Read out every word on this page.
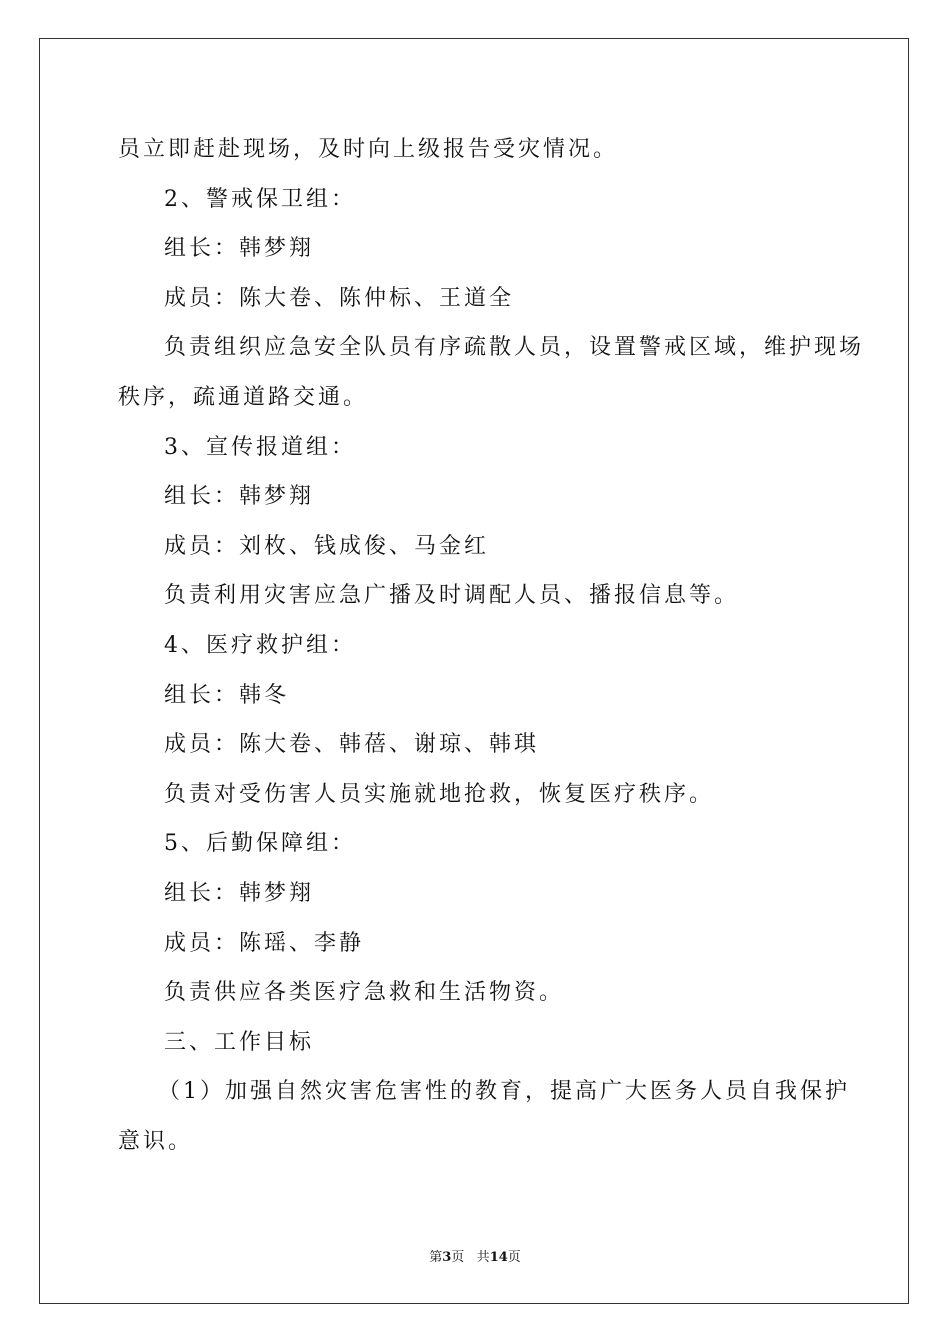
员立即赶赴现场，及时向上级报告受灾情况。
2、警戒保卫组：
组长：韩梦翔
成员：陈大卷、陈仲标、王道全
负责组织应急安全队员有序疏散人员，设置警戒区域，维护现场
秩序，疏通道路交通。
3、宣传报道组：
组长：韩梦翔
成员：刘枚、钱成俊、马金红
负责利用灾害应急广播及时调配人员、播报信息等。
4、医疗救护组：
组长：韩冬
成员：陈大卷、韩蓓、谢琼、韩琪
负责对受伤害人员实施就地抢救，恢复医疗秩序。
5、后勤保障组：
组长：韩梦翔
成员：陈瑶、李静
负责供应各类医疗急救和生活物资。
三、工作目标
（1）加强自然灾害危害性的教育，提高广大医务人员自我保护
意识。
第3页 共14页
